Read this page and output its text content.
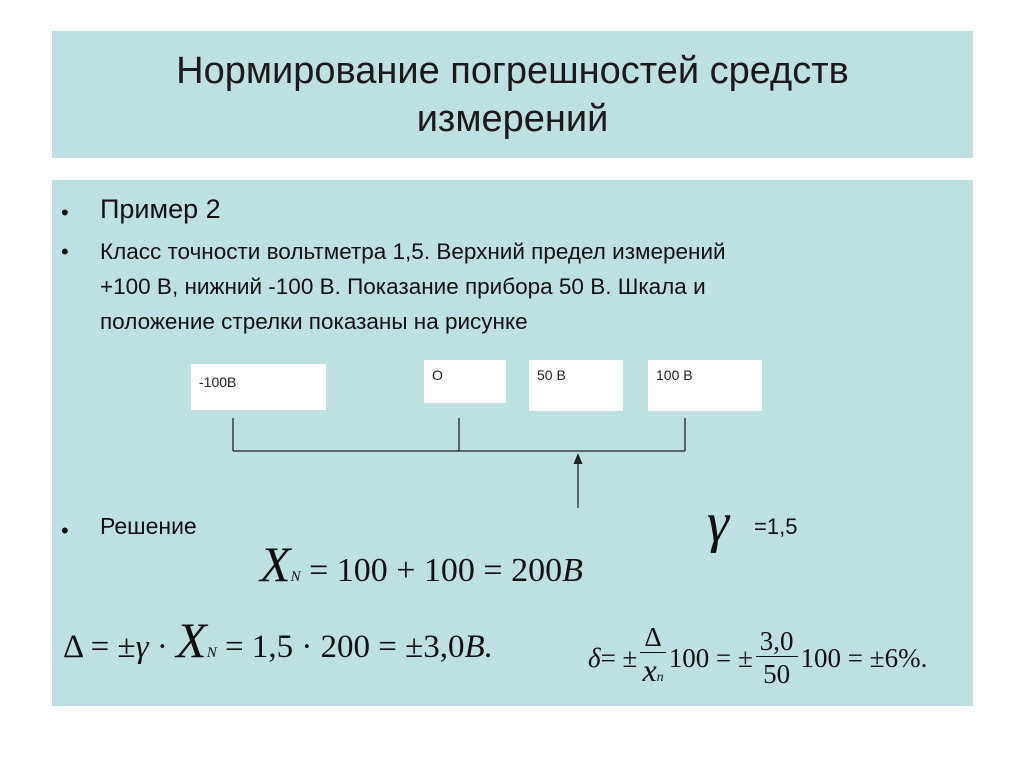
Нормирование погрешностей средств
измерений
• Пример 2
• Класс точности вольтметра 1,5. Верхний предел измерений
+100 В, нижний -100 В. Показание прибора 50 В. Шкала и
положение стрелки показаны на рисунке
-100В	О	50 В	100 В
• Решение	γ =1,5
XN = 100 + 100 = 200B
Δ = ±γ · XN = 1,5 · 200 = ±3,0B.	δ = ± $\frac{\Delta}{xn} 100$ = ± $\frac{3,0}{50} 100 = \pm 6\%$.
